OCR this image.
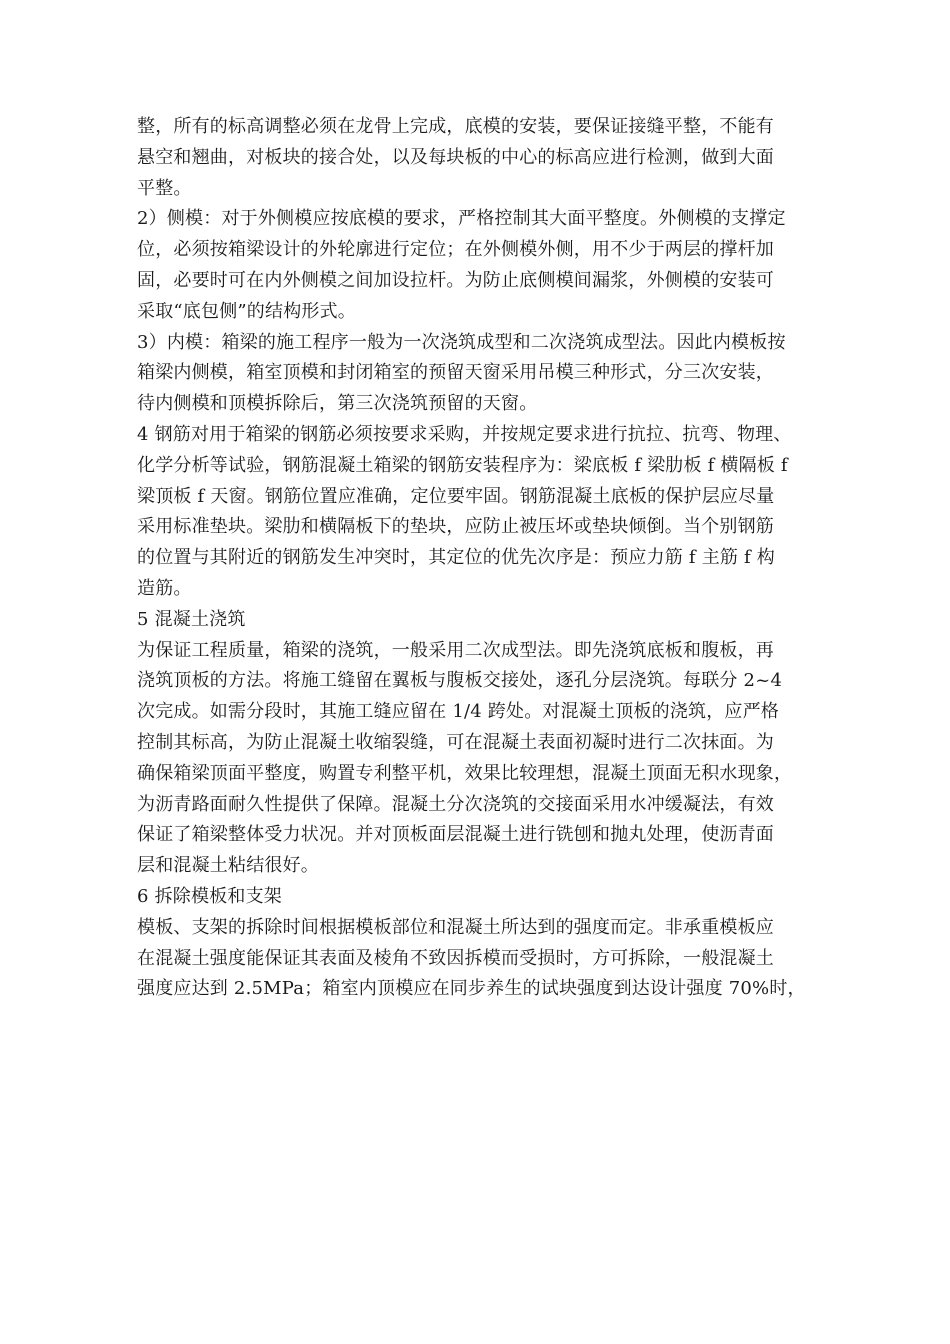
整，所有的标高调整必须在龙骨上完成，底模的安装，要保证接缝平整，不能有
悬空和翘曲，对板块的接合处，以及每块板的中心的标高应进行检测，做到大面
平整。
2）侧模：对于外侧模应按底模的要求，严格控制其大面平整度。外侧模的支撑定
位，必须按箱梁设计的外轮廓进行定位；在外侧模外侧，用不少于两层的撑杆加
固，必要时可在内外侧模之间加设拉杆。为防止底侧模间漏浆，外侧模的安装可
采取“底包侧”的结构形式。
3）内模：箱梁的施工程序一般为一次浇筑成型和二次浇筑成型法。因此内模板按
箱梁内侧模，箱室顶模和封闭箱室的预留天窗采用吊模三种形式，分三次安装，
待内侧模和顶模拆除后，第三次浇筑预留的天窗。
4 钢筋对用于箱梁的钢筋必须按要求采购，并按规定要求进行抗拉、抗弯、物理、
化学分析等试验，钢筋混凝土箱梁的钢筋安装程序为：梁底板 f 梁肋板 f 横隔板 f
梁顶板 f 天窗。钢筋位置应准确，定位要牢固。钢筋混凝土底板的保护层应尽量
采用标准垫块。梁肋和横隔板下的垫块，应防止被压坏或垫块倾倒。当个别钢筋
的位置与其附近的钢筋发生冲突时，其定位的优先次序是：预应力筋 f 主筋 f 构
造筋。
5 混凝土浇筑
为保证工程质量，箱梁的浇筑，一般采用二次成型法。即先浇筑底板和腹板，再
浇筑顶板的方法。将施工缝留在翼板与腹板交接处，逐孔分层浇筑。每联分 2~4
次完成。如需分段时，其施工缝应留在 1/4 跨处。对混凝土顶板的浇筑，应严格
控制其标高，为防止混凝土收缩裂缝，可在混凝土表面初凝时进行二次抹面。为
确保箱梁顶面平整度，购置专利整平机，效果比较理想，混凝土顶面无积水现象，
为沥青路面耐久性提供了保障。混凝土分次浇筑的交接面采用水冲缓凝法，有效
保证了箱梁整体受力状况。并对顶板面层混凝土进行铣刨和抛丸处理，使沥青面
层和混凝土粘结很好。
6 拆除模板和支架
模板、支架的拆除时间根据模板部位和混凝土所达到的强度而定。非承重模板应
在混凝土强度能保证其表面及棱角不致因拆模而受损时，方可拆除，一般混凝土
强度应达到 2.5MPa；箱室内顶模应在同步养生的试块强度到达设计强度 70%时，
